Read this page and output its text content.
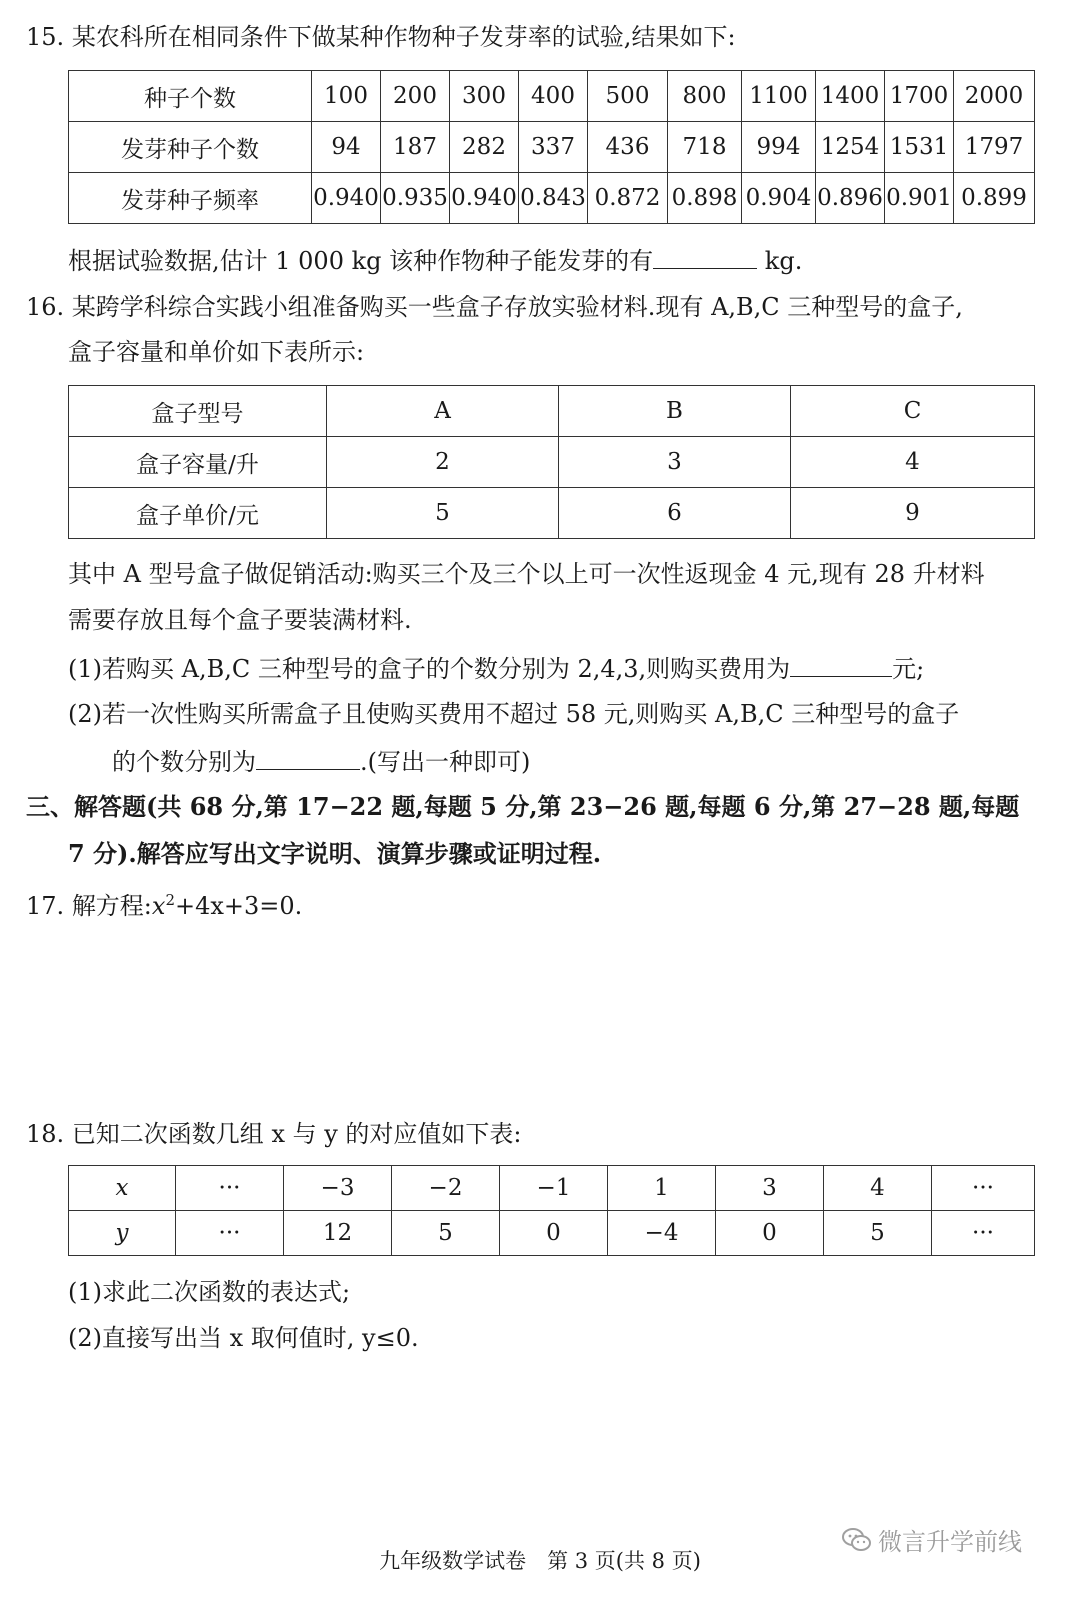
15. 某农科所在相同条件下做某种作物种子发芽率的试验,结果如下:
种子个数	100	200	300	400	500	800	1100	1400	1700	2000
发芽种子个数	94	187	282	337	436	718	994	1254	1531	1797
发芽种子频率	0.940	0.935	0.940	0.843	0.872	0.898	0.904	0.896	0.901	0.899
根据试验数据,估计 1 000 kg 该种作物种子能发芽的有	kg.
16. 某跨学科综合实践小组准备购买一些盒子存放实验材料.现有 A,B,C 三种型号的盒子,
盒子容量和单价如下表所示:
盒子型号	A	B	C
盒子容量/升	2	3	4
盒子单价/元	5	6	9
其中 A 型号盒子做促销活动:购买三个及三个以上可一次性返现金 4 元,现有 28 升材料
需要存放且每个盒子要装满材料.
(1)若购买 A,B,C 三种型号的盒子的个数分别为 2,4,3,则购买费用为	元;
(2)若一次性购买所需盒子且使购买费用不超过 58 元,则购买 A,B,C 三种型号的盒子
的个数分别为	.(写出一种即可)
三、解答题(共 68 分,第 17−22 题,每题 5 分,第 23−26 题,每题 6 分,第 27−28 题,每题
7 分).解答应写出文字说明、演算步骤或证明过程.
17. 解方程$:x^2+4x+3=0$.
18. 已知二次函数几组 x 与 y 的对应值如下表:
x	···	−3	−2	−1	1	3	4	···
y	···	12	5	0	−4	0	5	···
(1)求此二次函数的表达式;
(2)直接写出当 x 取何值时, y≤0.
九年级数学试卷　第 3 页(共 8 页)
微言升学前线
